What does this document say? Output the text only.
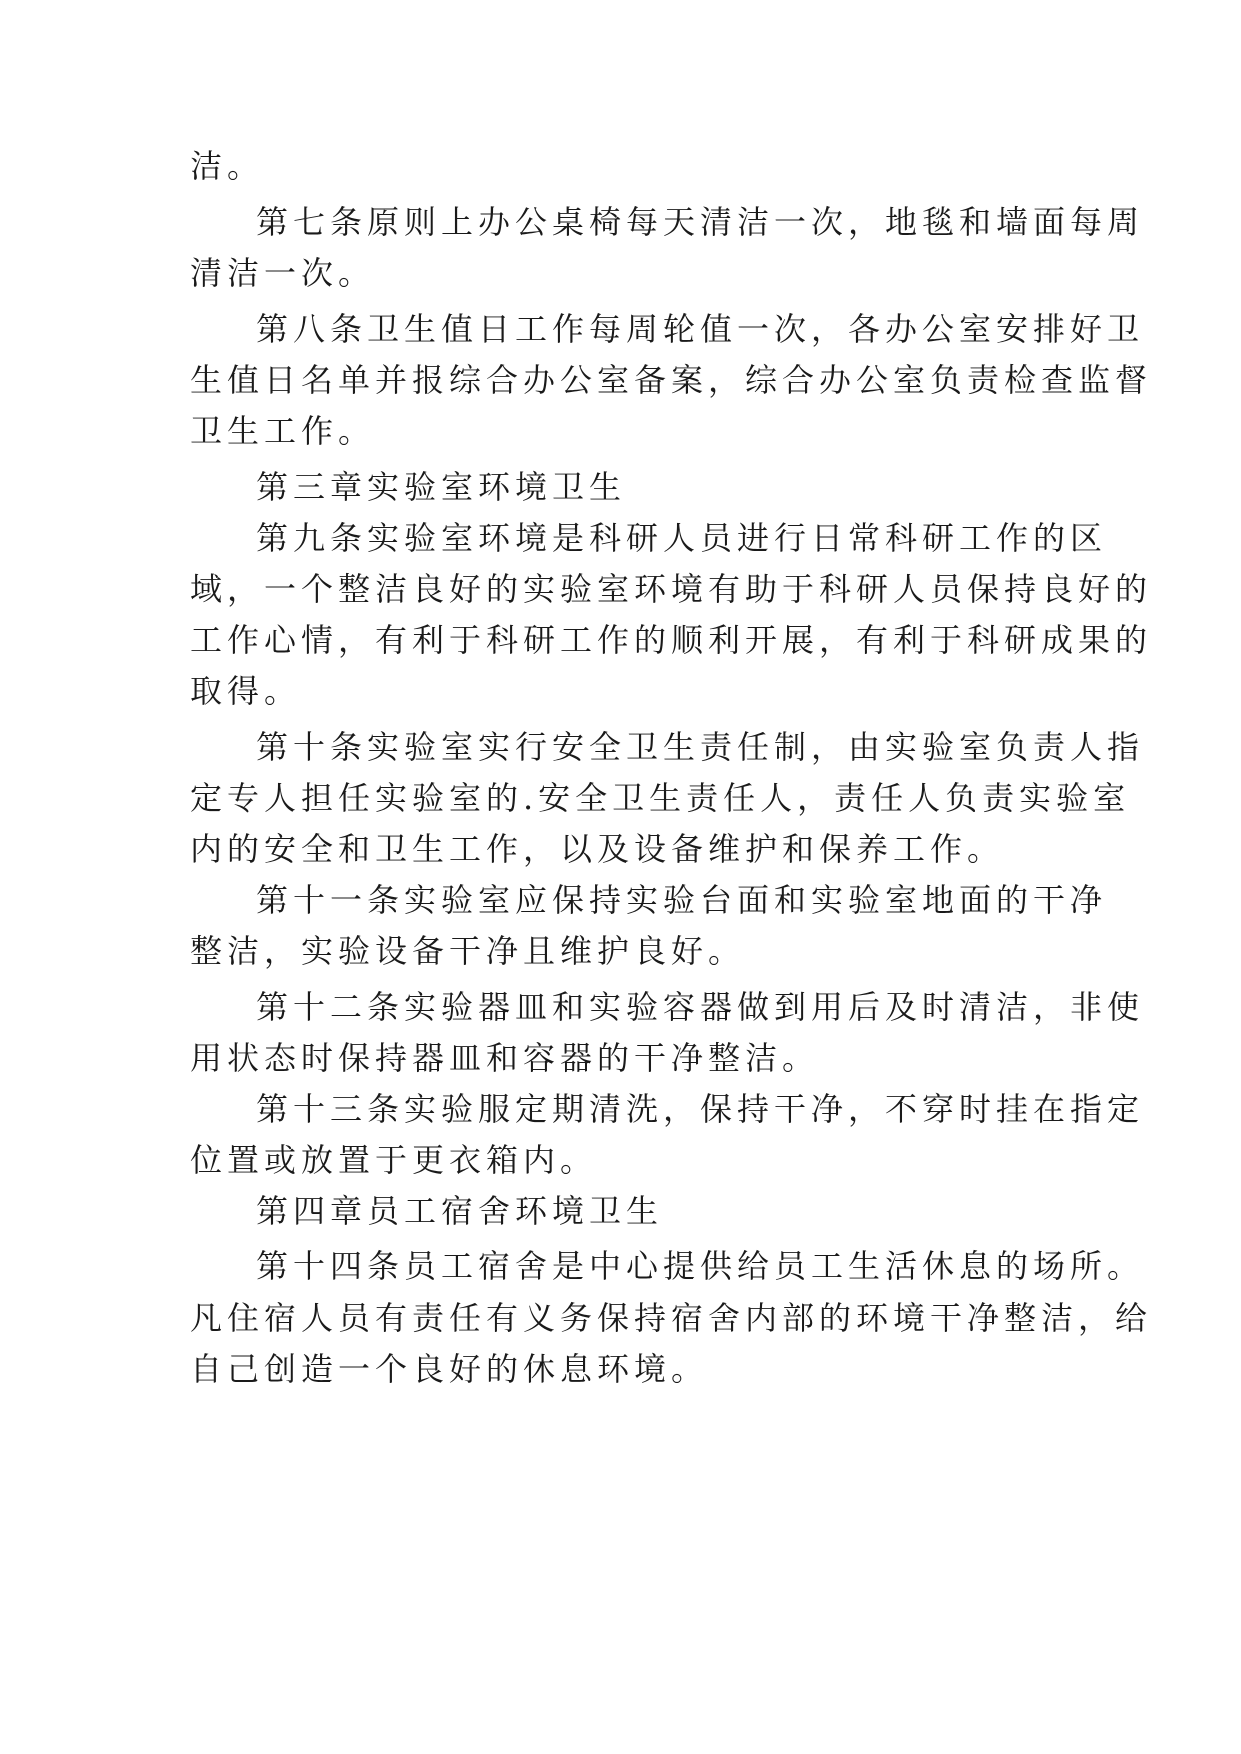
洁。
第七条原则上办公桌椅每天清洁一次，地毯和墙面每周
清洁一次。
第八条卫生值日工作每周轮值一次，各办公室安排好卫
生值日名单并报综合办公室备案，综合办公室负责检查监督
卫生工作。
第三章实验室环境卫生
第九条实验室环境是科研人员进行日常科研工作的区
域，一个整洁良好的实验室环境有助于科研人员保持良好的
工作心情，有利于科研工作的顺利开展，有利于科研成果的
取得。
第十条实验室实行安全卫生责任制，由实验室负责人指
定专人担任实验室的.安全卫生责任人，责任人负责实验室
内的安全和卫生工作，以及设备维护和保养工作。
第十一条实验室应保持实验台面和实验室地面的干净
整洁，实验设备干净且维护良好。
第十二条实验器皿和实验容器做到用后及时清洁，非使
用状态时保持器皿和容器的干净整洁。
第十三条实验服定期清洗，保持干净，不穿时挂在指定
位置或放置于更衣箱内。
第四章员工宿舍环境卫生
第十四条员工宿舍是中心提供给员工生活休息的场所。
凡住宿人员有责任有义务保持宿舍内部的环境干净整洁，给
自己创造一个良好的休息环境。
